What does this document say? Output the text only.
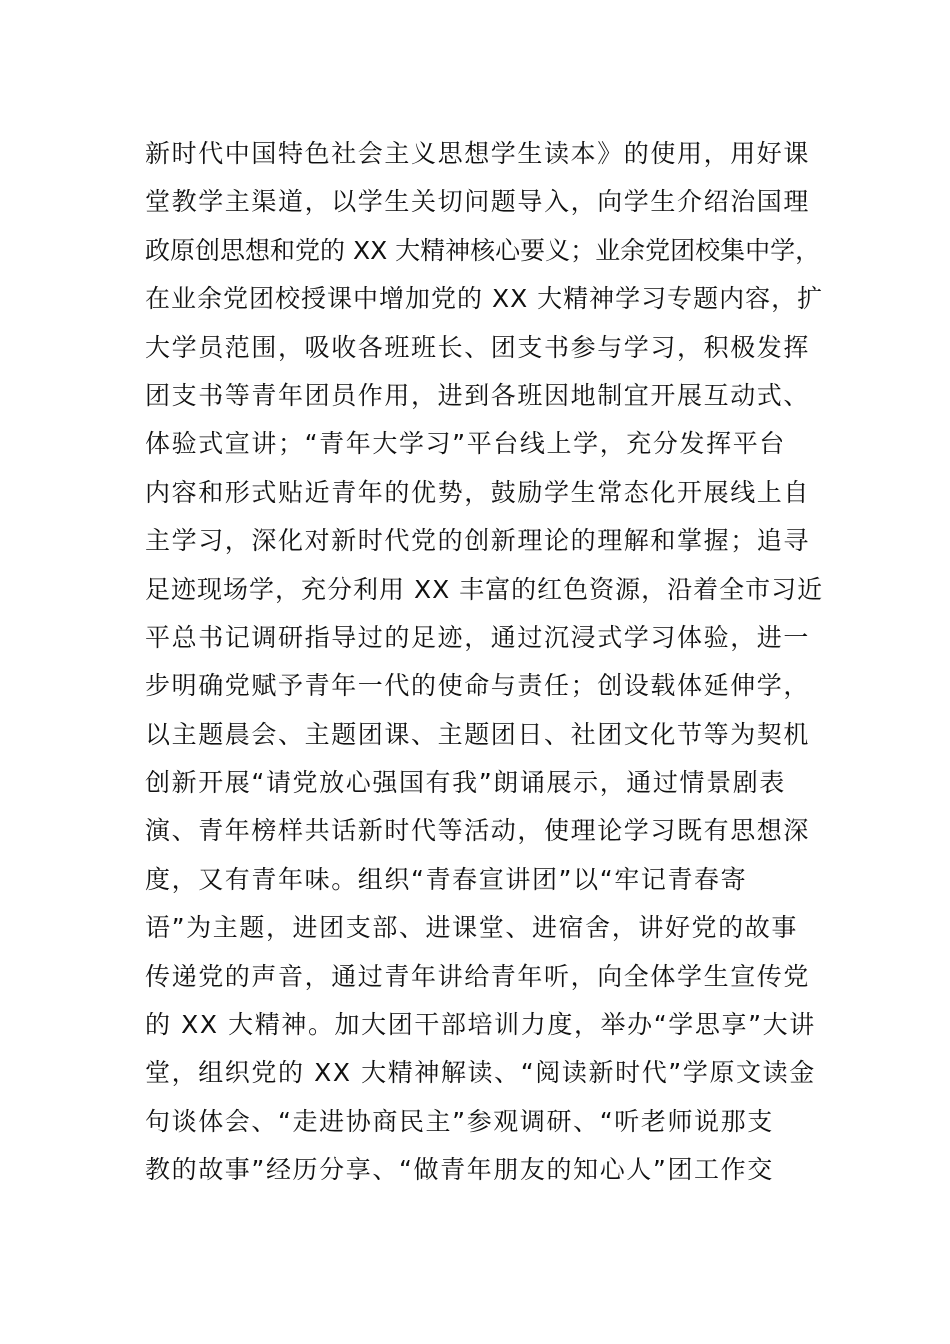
新时代中国特色社会主义思想学生读本》的使用，用好课
堂教学主渠道，以学生关切问题导入，向学生介绍治国理
政原创思想和党的 XX 大精神核心要义；业余党团校集中学，
在业余党团校授课中增加党的 XX 大精神学习专题内容，扩
大学员范围，吸收各班班长、团支书参与学习，积极发挥
团支书等青年团员作用，进到各班因地制宜开展互动式、
体验式宣讲；“青年大学习”平台线上学，充分发挥平台
内容和形式贴近青年的优势，鼓励学生常态化开展线上自
主学习，深化对新时代党的创新理论的理解和掌握；追寻
足迹现场学，充分利用 XX 丰富的红色资源，沿着全市习近
平总书记调研指导过的足迹，通过沉浸式学习体验，进一
步明确党赋予青年一代的使命与责任；创设载体延伸学，
以主题晨会、主题团课、主题团日、社团文化节等为契机
创新开展“请党放心强国有我”朗诵展示，通过情景剧表
演、青年榜样共话新时代等活动，使理论学习既有思想深
度，又有青年味。组织“青春宣讲团”以“牢记青春寄
语”为主题，进团支部、进课堂、进宿舍，讲好党的故事
传递党的声音，通过青年讲给青年听，向全体学生宣传党
的 XX 大精神。加大团干部培训力度，举办“学思享”大讲
堂，组织党的 XX 大精神解读、“阅读新时代”学原文读金
句谈体会、“走进协商民主”参观调研、“听老师说那支
教的故事”经历分享、“做青年朋友的知心人”团工作交
